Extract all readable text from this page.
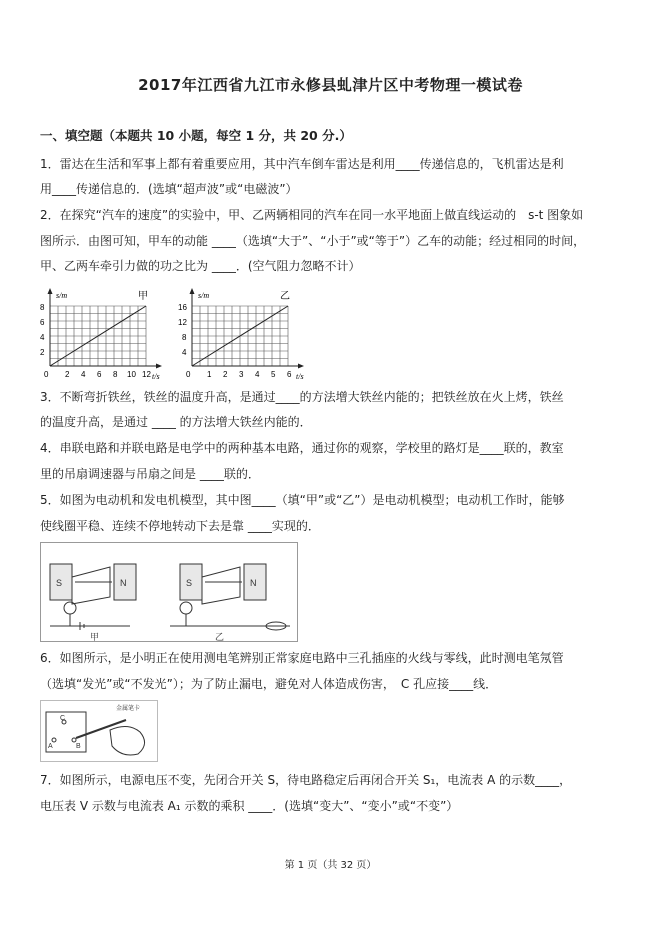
2017年江西省九江市永修县虬津片区中考物理一模试卷
一、填空题（本题共 10 小题，每空 1 分，共 20 分.）
1．雷达在生活和军事上都有着重要应用，其中汽车倒车雷达是利用____传递信息的，飞机雷达是利
用____传递信息的．(选填“超声波”或“电磁波”）
2．在探究“汽车的速度”的实验中，甲、乙两辆相同的汽车在同一水平地面上做直线运动的　s-t 图象如
图所示．由图可知，甲车的动能 ____（选填“大于”、“小于”或“等于”）乙车的动能；经过相同的时间，
甲、乙两车牵引力做的功之比为 ____．(空气阻力忽略不计）
s/m	甲
8
6
4
2
0 2 4 6 8 10 12 t/s
s/m	乙
16
12
8
4
0 1 2 3 4 5 6 t/s
3．不断弯折铁丝，铁丝的温度升高，是通过____的方法增大铁丝内能的；把铁丝放在火上烤，铁丝
的温度升高，是通过 ____ 的方法增大铁丝内能的．
4．串联电路和并联电路是电学中的两种基本电路，通过你的观察，学校里的路灯是____联的，教室
里的吊扇调速器与吊扇之间是 ____联的．
5．如图为电动机和发电机模型，其中图____（填“甲”或“乙”）是电动机模型；电动机工作时，能够
使线圈平稳、连续不停地转动下去是靠 ____实现的．
S	N
甲
S	N
乙
6．如图所示，是小明正在使用测电笔辨别正常家庭电路中三孔插座的火线与零线，此时测电笔氖管
（选填“发光”或“不发光”）；为了防止漏电，避免对人体造成伤害，　C 孔应接____线．
C
A	B
金属笔卡
7．如图所示，电源电压不变，先闭合开关 S，待电路稳定后再闭合开关 S₁，电流表 A 的示数____，
电压表 V 示数与电流表 A₁ 示数的乘积 ____．(选填“变大”、“变小”或“不变”）
第 1 页（共 32 页）
